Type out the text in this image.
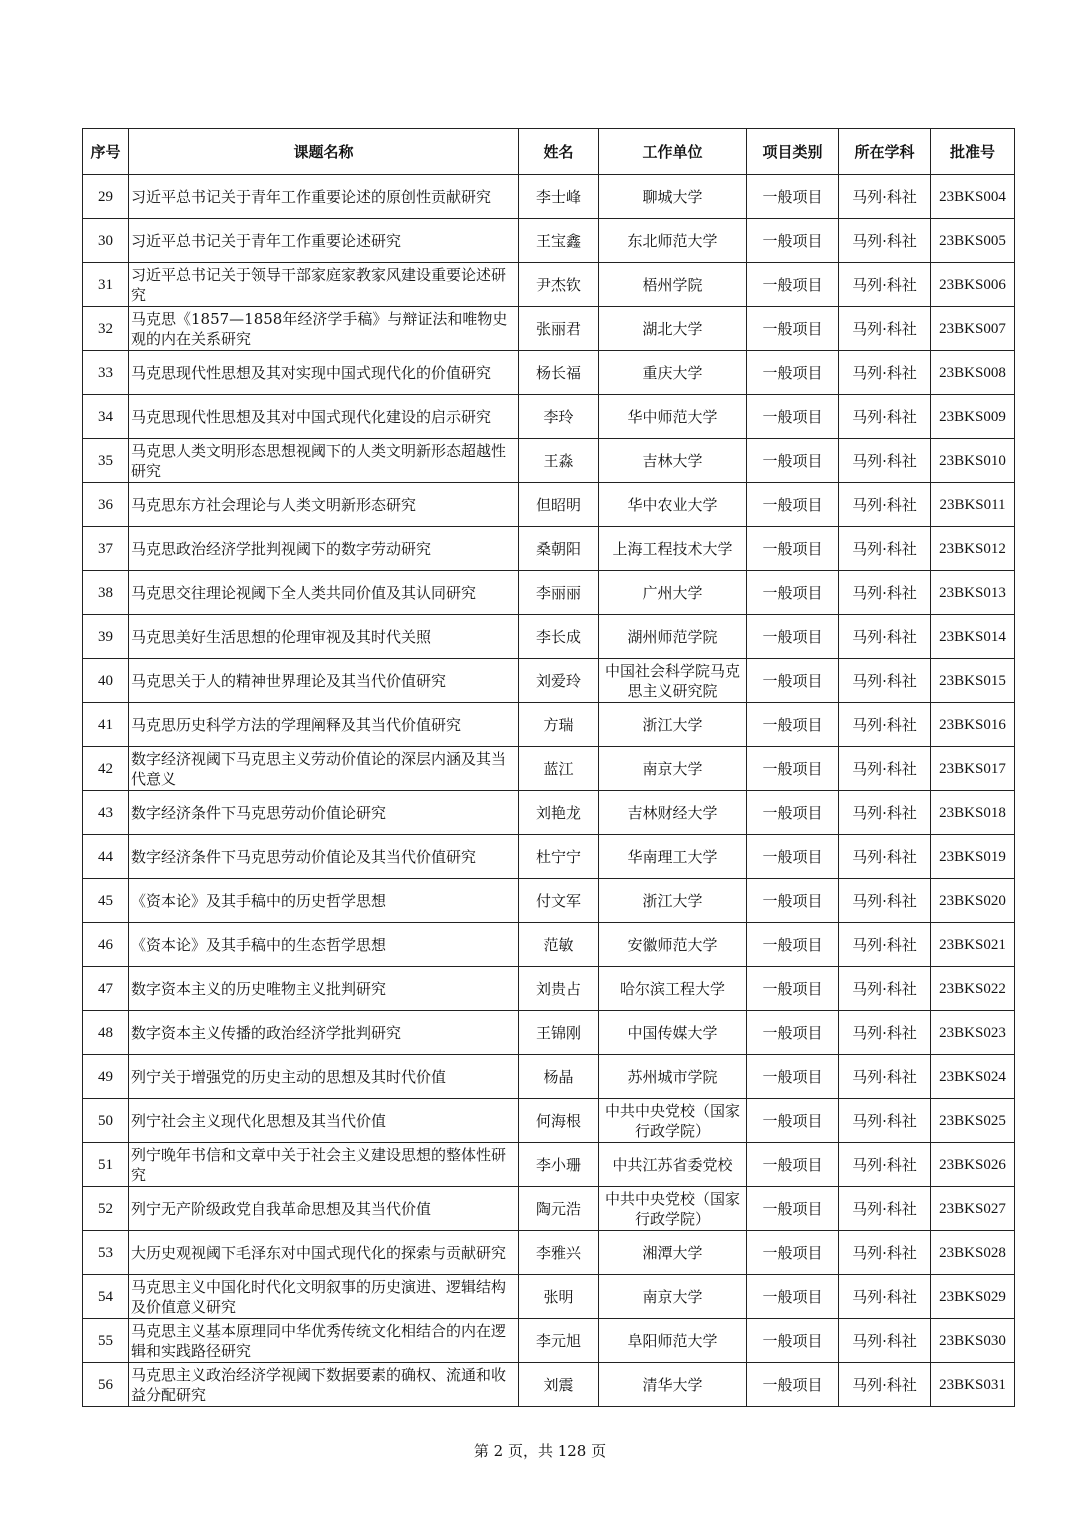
序号	课题名称	姓名	工作单位	项目类别	所在学科	批准号
29	习近平总书记关于青年工作重要论述的原创性贡献研究	李士峰	聊城大学	一般项目	马列·科社	23BKS004
30	习近平总书记关于青年工作重要论述研究	王宝鑫	东北师范大学	一般项目	马列·科社	23BKS005
31	习近平总书记关于领导干部家庭家教家风建设重要论述研究	尹杰钦	梧州学院	一般项目	马列·科社	23BKS006
32	马克思《1857—1858年经济学手稿》与辩证法和唯物史观的内在关系研究	张丽君	湖北大学	一般项目	马列·科社	23BKS007
33	马克思现代性思想及其对实现中国式现代化的价值研究	杨长福	重庆大学	一般项目	马列·科社	23BKS008
34	马克思现代性思想及其对中国式现代化建设的启示研究	李玲	华中师范大学	一般项目	马列·科社	23BKS009
35	马克思人类文明形态思想视阈下的人类文明新形态超越性研究	王淼	吉林大学	一般项目	马列·科社	23BKS010
36	马克思东方社会理论与人类文明新形态研究	但昭明	华中农业大学	一般项目	马列·科社	23BKS011
37	马克思政治经济学批判视阈下的数字劳动研究	桑朝阳	上海工程技术大学	一般项目	马列·科社	23BKS012
38	马克思交往理论视阈下全人类共同价值及其认同研究	李丽丽	广州大学	一般项目	马列·科社	23BKS013
39	马克思美好生活思想的伦理审视及其时代关照	李长成	湖州师范学院	一般项目	马列·科社	23BKS014
40	马克思关于人的精神世界理论及其当代价值研究	刘爱玲	中国社会科学院马克思主义研究院	一般项目	马列·科社	23BKS015
41	马克思历史科学方法的学理阐释及其当代价值研究	方瑞	浙江大学	一般项目	马列·科社	23BKS016
42	数字经济视阈下马克思主义劳动价值论的深层内涵及其当代意义	蓝江	南京大学	一般项目	马列·科社	23BKS017
43	数字经济条件下马克思劳动价值论研究	刘艳龙	吉林财经大学	一般项目	马列·科社	23BKS018
44	数字经济条件下马克思劳动价值论及其当代价值研究	杜宁宁	华南理工大学	一般项目	马列·科社	23BKS019
45	《资本论》及其手稿中的历史哲学思想	付文军	浙江大学	一般项目	马列·科社	23BKS020
46	《资本论》及其手稿中的生态哲学思想	范敏	安徽师范大学	一般项目	马列·科社	23BKS021
47	数字资本主义的历史唯物主义批判研究	刘贵占	哈尔滨工程大学	一般项目	马列·科社	23BKS022
48	数字资本主义传播的政治经济学批判研究	王锦刚	中国传媒大学	一般项目	马列·科社	23BKS023
49	列宁关于增强党的历史主动的思想及其时代价值	杨晶	苏州城市学院	一般项目	马列·科社	23BKS024
50	列宁社会主义现代化思想及其当代价值	何海根	中共中央党校（国家行政学院）	一般项目	马列·科社	23BKS025
51	列宁晚年书信和文章中关于社会主义建设思想的整体性研究	李小珊	中共江苏省委党校	一般项目	马列·科社	23BKS026
52	列宁无产阶级政党自我革命思想及其当代价值	陶元浩	中共中央党校（国家行政学院）	一般项目	马列·科社	23BKS027
53	大历史观视阈下毛泽东对中国式现代化的探索与贡献研究	李雅兴	湘潭大学	一般项目	马列·科社	23BKS028
54	马克思主义中国化时代化文明叙事的历史演进、逻辑结构及价值意义研究	张明	南京大学	一般项目	马列·科社	23BKS029
55	马克思主义基本原理同中华优秀传统文化相结合的内在逻辑和实践路径研究	李元旭	阜阳师范大学	一般项目	马列·科社	23BKS030
56	马克思主义政治经济学视阈下数据要素的确权、流通和收益分配研究	刘震	清华大学	一般项目	马列·科社	23BKS031
第 2 页，共 128 页
